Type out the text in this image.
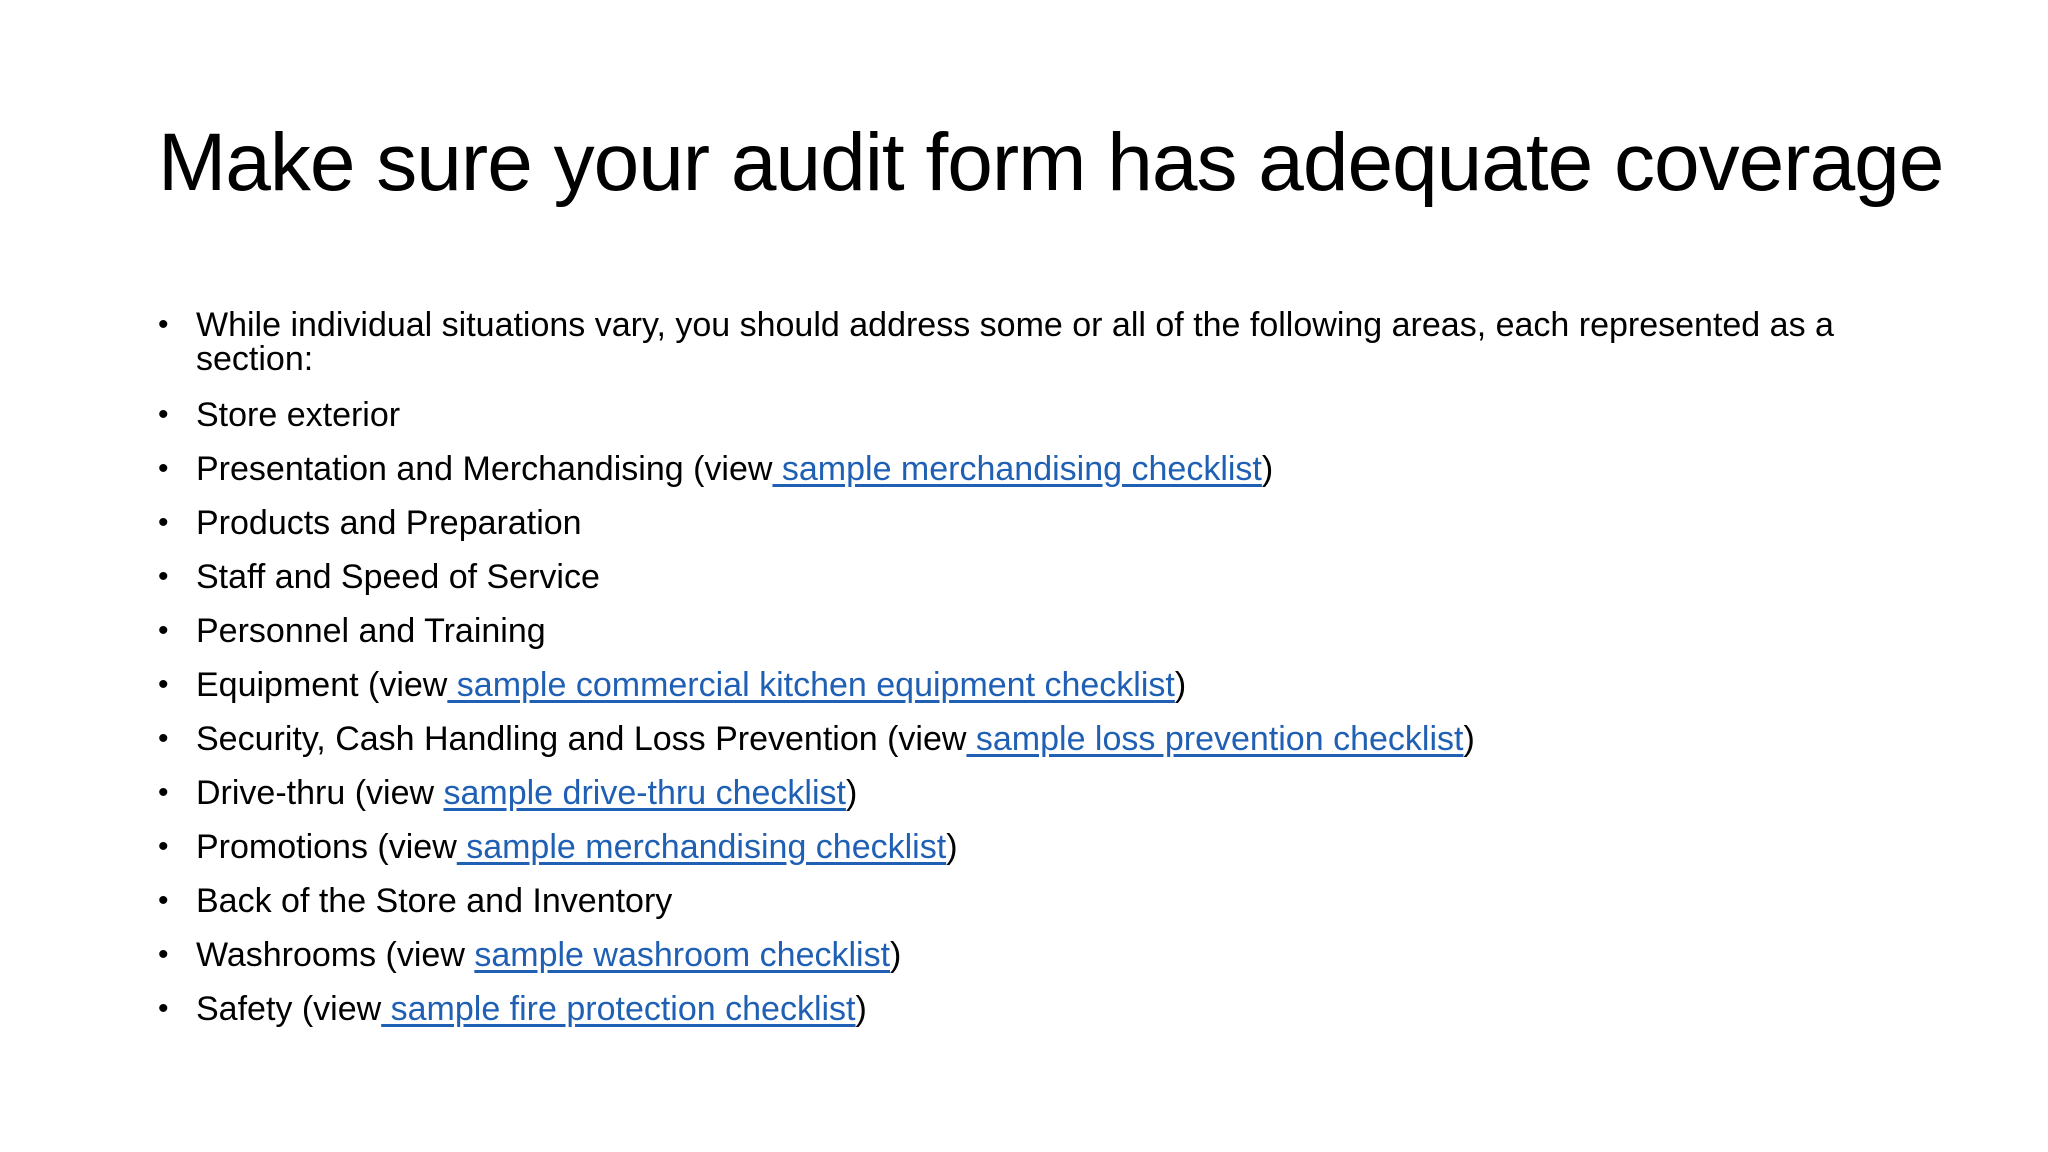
Make sure your audit form has adequate coverage
• While individual situations vary, you should address some or all of the following areas, each represented as a section:
• Store exterior
• Presentation and Merchandising (view sample merchandising checklist)
• Products and Preparation
• Staff and Speed of Service
• Personnel and Training
• Equipment (view sample commercial kitchen equipment checklist)
• Security, Cash Handling and Loss Prevention (view sample loss prevention checklist)
• Drive-thru (view sample drive-thru checklist)
• Promotions (view sample merchandising checklist)
• Back of the Store and Inventory
• Washrooms (view sample washroom checklist)
• Safety (view sample fire protection checklist)
